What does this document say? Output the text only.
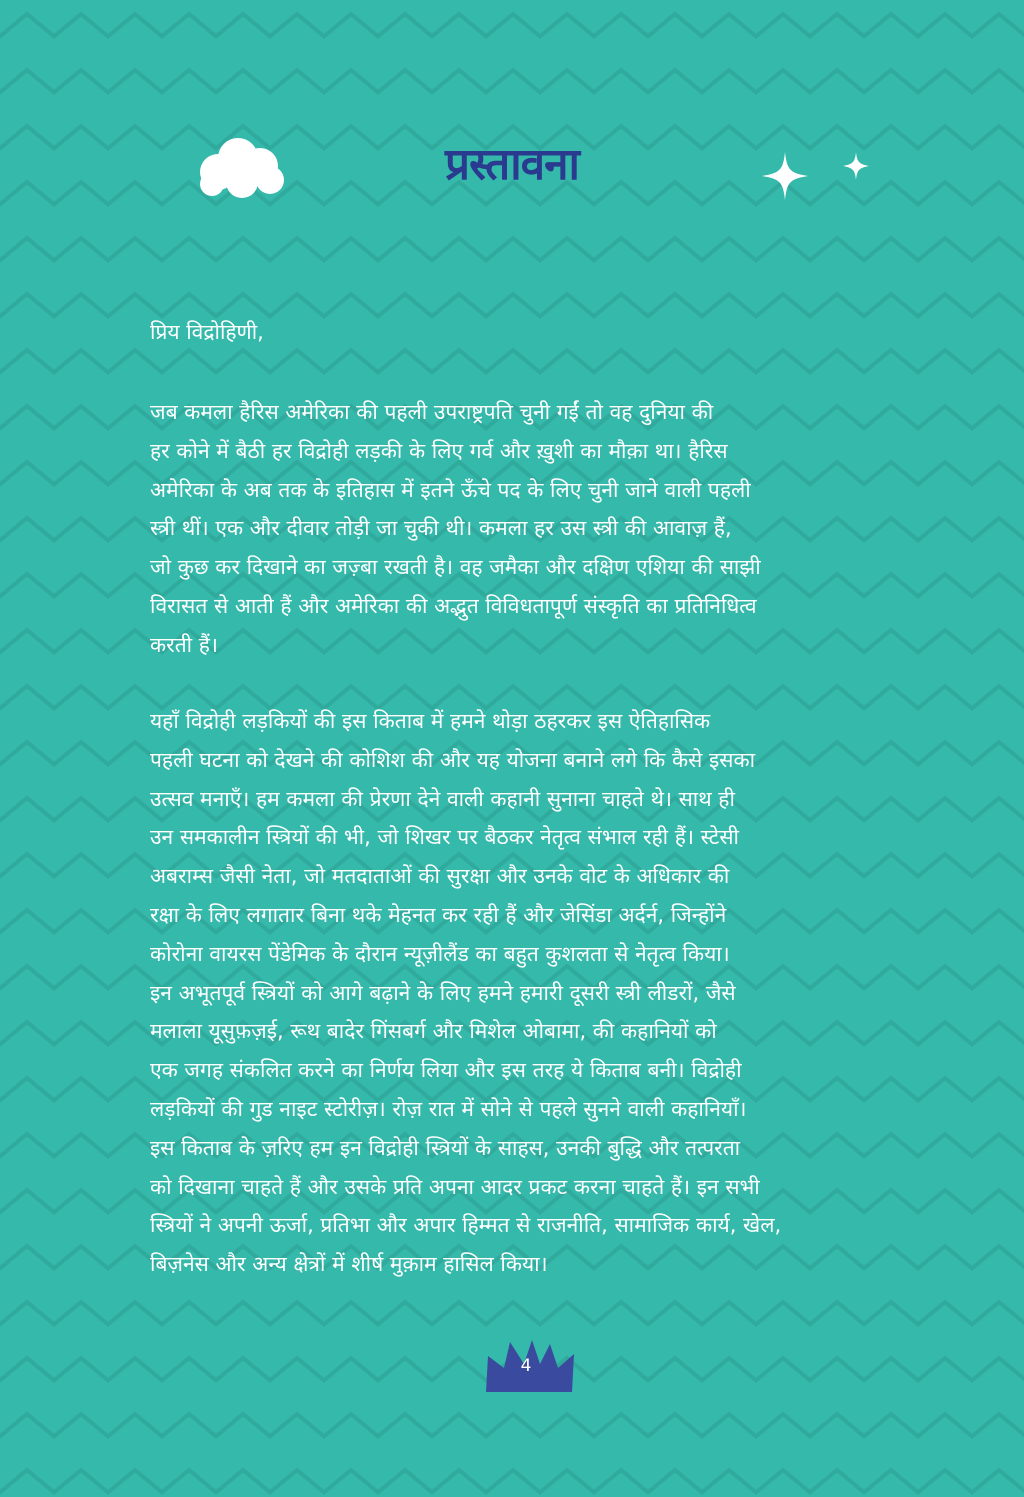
प्रस्तावना

प्रिय विद्रोहिणी,

जब कमला हैरिस अमेरिका की पहली उपराष्ट्रपति चुनी गईं तो वह दुनिया की
हर कोने में बैठी हर विद्रोही लड़की के लिए गर्व और ख़ुशी का मौक़ा था। हैरिस
अमेरिका के अब तक के इतिहास में इतने ऊँचे पद के लिए चुनी जाने वाली पहली
स्त्री थीं। एक और दीवार तोड़ी जा चुकी थी। कमला हर उस स्त्री की आवाज़ हैं,
जो कुछ कर दिखाने का जज़्बा रखती है। वह जमैका और दक्षिण एशिया की साझी
विरासत से आती हैं और अमेरिका की अद्भुत विविधतापूर्ण संस्कृति का प्रतिनिधित्व
करती हैं।
यहाँ विद्रोही लड़कियों की इस किताब में हमने थोड़ा ठहरकर इस ऐतिहासिक
पहली घटना को देखने की कोशिश की और यह योजना बनाने लगे कि कैसे इसका
उत्सव मनाएँ। हम कमला की प्रेरणा देने वाली कहानी सुनाना चाहते थे। साथ ही
उन समकालीन स्त्रियों की भी, जो शिखर पर बैठकर नेतृत्व संभाल रही हैं। स्टेसी
अबराम्स जैसी नेता, जो मतदाताओं की सुरक्षा और उनके वोट के अधिकार की
रक्षा के लिए लगातार बिना थके मेहनत कर रही हैं और जेसिंडा अर्दर्न, जिन्होंने
कोरोना वायरस पेंडेमिक के दौरान न्यूज़ीलैंड का बहुत कुशलता से नेतृत्व किया।
इन अभूतपूर्व स्त्रियों को आगे बढ़ाने के लिए हमने हमारी दूसरी स्त्री लीडरों, जैसे
मलाला यूसुफ़ज़ई, रूथ बादेर गिंसबर्ग और मिशेल ओबामा, की कहानियों को
एक जगह संकलित करने का निर्णय लिया और इस तरह ये किताब बनी। विद्रोही
लड़कियों की गुड नाइट स्टोरीज़। रोज़ रात में सोने से पहले सुनने वाली कहानियाँ।
इस किताब के ज़रिए हम इन विद्रोही स्त्रियों के साहस, उनकी बुद्धि और तत्परता
को दिखाना चाहते हैं और उसके प्रति अपना आदर प्रकट करना चाहते हैं। इन सभी
स्त्रियों ने अपनी ऊर्जा, प्रतिभा और अपार हिम्मत से राजनीति, सामाजिक कार्य, खेल,
बिज़नेस और अन्य क्षेत्रों में शीर्ष मुक़ाम हासिल किया।
4
